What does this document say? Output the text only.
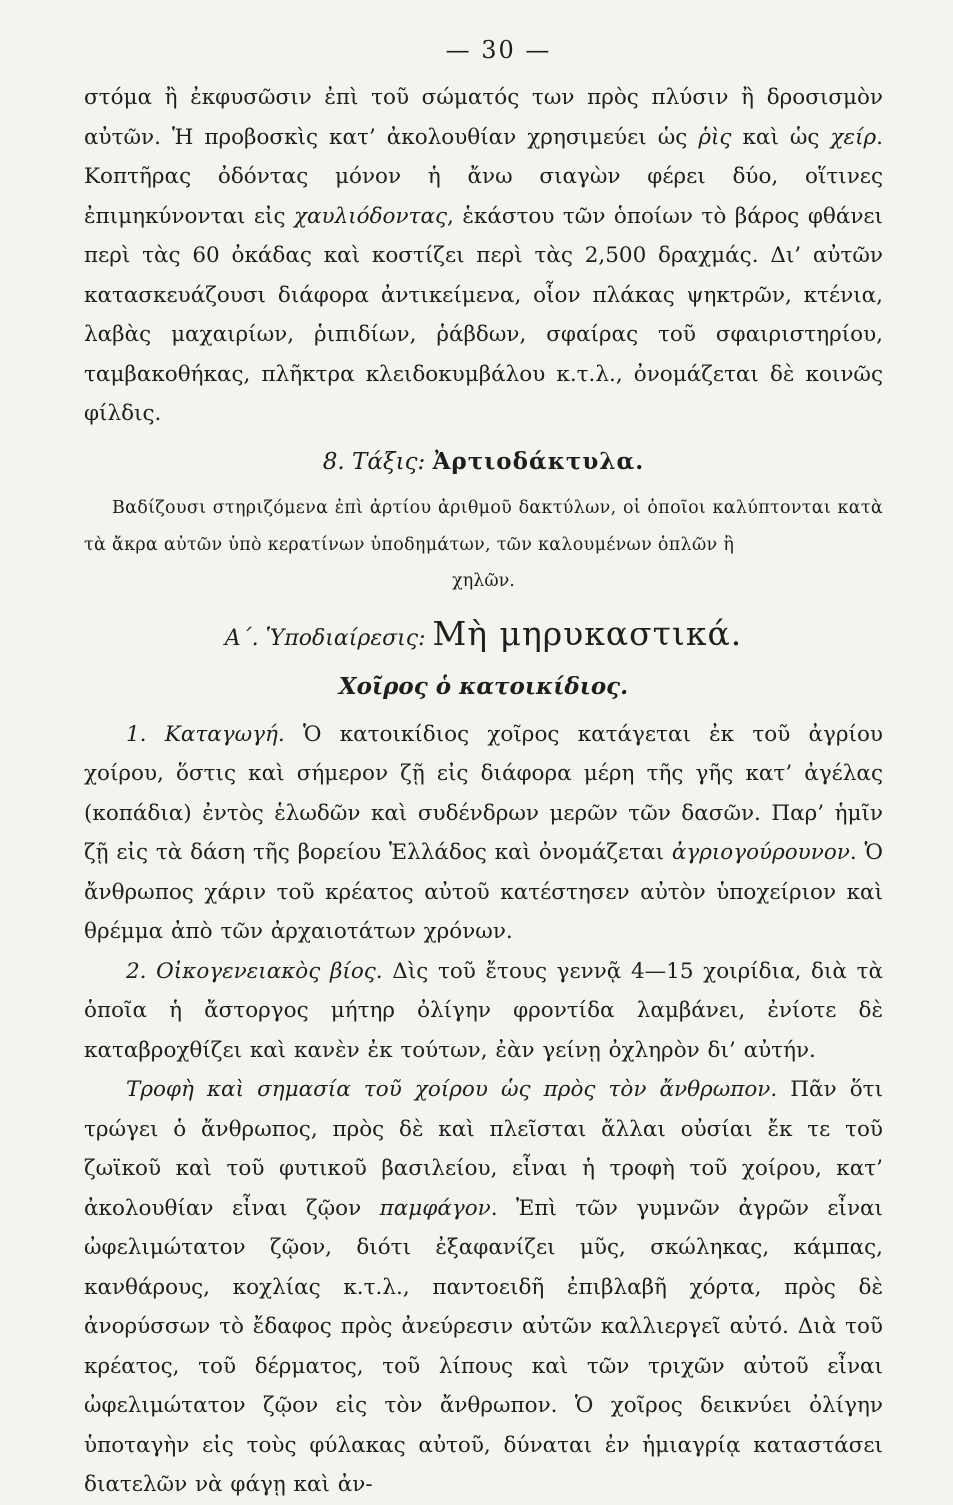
— 30 —

στόμα ἢ ἐκφυσῶσιν ἐπὶ τοῦ σώματός των πρὸς πλύσιν ἢ δροσισμὸν αὐτῶν. Ἡ προβοσκὶς κατ’ ἀκολουθίαν χρησιμεύει ὡς ῥὶς καὶ ὡς χείρ. Κοπτῆρας ὀδόντας μόνον ἡ ἄνω σιαγὼν φέρει δύο, οἵτινες ἐπιμηκύνονται εἰς χαυλιόδοντας, ἑκάστου τῶν ὁποίων τὸ βάρος φθάνει περὶ τὰς 60 ὀκάδας καὶ κοστίζει περὶ τὰς 2,500 δραχμάς. Δι’ αὐτῶν κατασκευάζουσι διάφορα ἀντικείμενα, οἷον πλάκας ψηκτρῶν, κτένια, λαβὰς μαχαιρίων, ῥιπιδίων, ῥάβδων, σφαίρας τοῦ σφαιριστηρίου, ταμβακοθήκας, πλῆκτρα κλειδοκυμβάλου κ.τ.λ., ὀνομάζεται δὲ κοινῶς φίλδις.

8. Τάξις: Ἀρτιοδάκτυλα.

Βαδίζουσι στηριζόμενα ἐπὶ ἀρτίου ἀριθμοῦ δακτύλων, οἱ ὁποῖοι καλύπτονται κατὰ τὰ ἄκρα αὐτῶν ὑπὸ κερατίνων ὑποδημάτων, τῶν καλουμένων ὁπλῶν ἢ

χηλῶν.

Α΄. Ὑποδιαίρεσις: Μὴ μηρυκαστικά.

Χοῖρος ὁ κατοικίδιος.

1. Καταγωγή. Ὁ κατοικίδιος χοῖρος κατάγεται ἐκ τοῦ ἀγρίου χοίρου, ὅστις καὶ σήμερον ζῇ εἰς διάφορα μέρη τῆς γῆς κατ’ ἀγέλας (κοπάδια) ἐντὸς ἑλωδῶν καὶ συδένδρων μερῶν τῶν δασῶν. Παρ’ ἡμῖν ζῇ εἰς τὰ δάση τῆς βορείου Ἑλλάδος καὶ ὀνομάζεται ἀγριογούρουνον. Ὁ ἄνθρωπος χάριν τοῦ κρέατος αὐτοῦ κατέστησεν αὐτὸν ὑποχείριον καὶ θρέμμα ἀπὸ τῶν ἀρχαιοτάτων χρόνων.

2. Οἰκογενειακὸς βίος. Δὶς τοῦ ἔτους γεννᾷ 4—15 χοιρίδια, διὰ τὰ ὁποῖα ἡ ἄστοργος μήτηρ ὀλίγην φροντίδα λαμβάνει, ἐνίοτε δὲ καταβροχθίζει καὶ κανὲν ἐκ τούτων, ἐὰν γείνῃ ὀχληρὸν δι’ αὐτήν.

Τροφὴ καὶ σημασία τοῦ χοίρου ὡς πρὸς τὸν ἄνθρωπον. Πᾶν ὅτι τρώγει ὁ ἄνθρωπος, πρὸς δὲ καὶ πλεῖσται ἄλλαι οὐσίαι ἔκ τε τοῦ ζωϊκοῦ καὶ τοῦ φυτικοῦ βασιλείου, εἶναι ἡ τροφὴ τοῦ χοίρου, κατ’ ἀκολουθίαν εἶναι ζῷον παμφάγον. Ἐπὶ τῶν γυμνῶν ἀγρῶν εἶναι ὠφελιμώτατον ζῷον, διότι ἐξαφανίζει μῦς, σκώληκας, κάμπας, κανθάρους, κοχλίας κ.τ.λ., παντοειδῆ ἐπιβλαβῆ χόρτα, πρὸς δὲ ἀνορύσσων τὸ ἔδαφος πρὸς ἀνεύρεσιν αὐτῶν καλλιεργεῖ αὐτό. Διὰ τοῦ κρέατος, τοῦ δέρματος, τοῦ λίπους καὶ τῶν τριχῶν αὐτοῦ εἶναι ὠφελιμώτατον ζῷον εἰς τὸν ἄνθρωπον. Ὁ χοῖρος δεικνύει ὀλίγην ὑποταγὴν εἰς τοὺς φύλακας αὐτοῦ, δύναται ἐν ἡμιαγρίᾳ καταστάσει διατελῶν νὰ φάγῃ καὶ ἀν-
